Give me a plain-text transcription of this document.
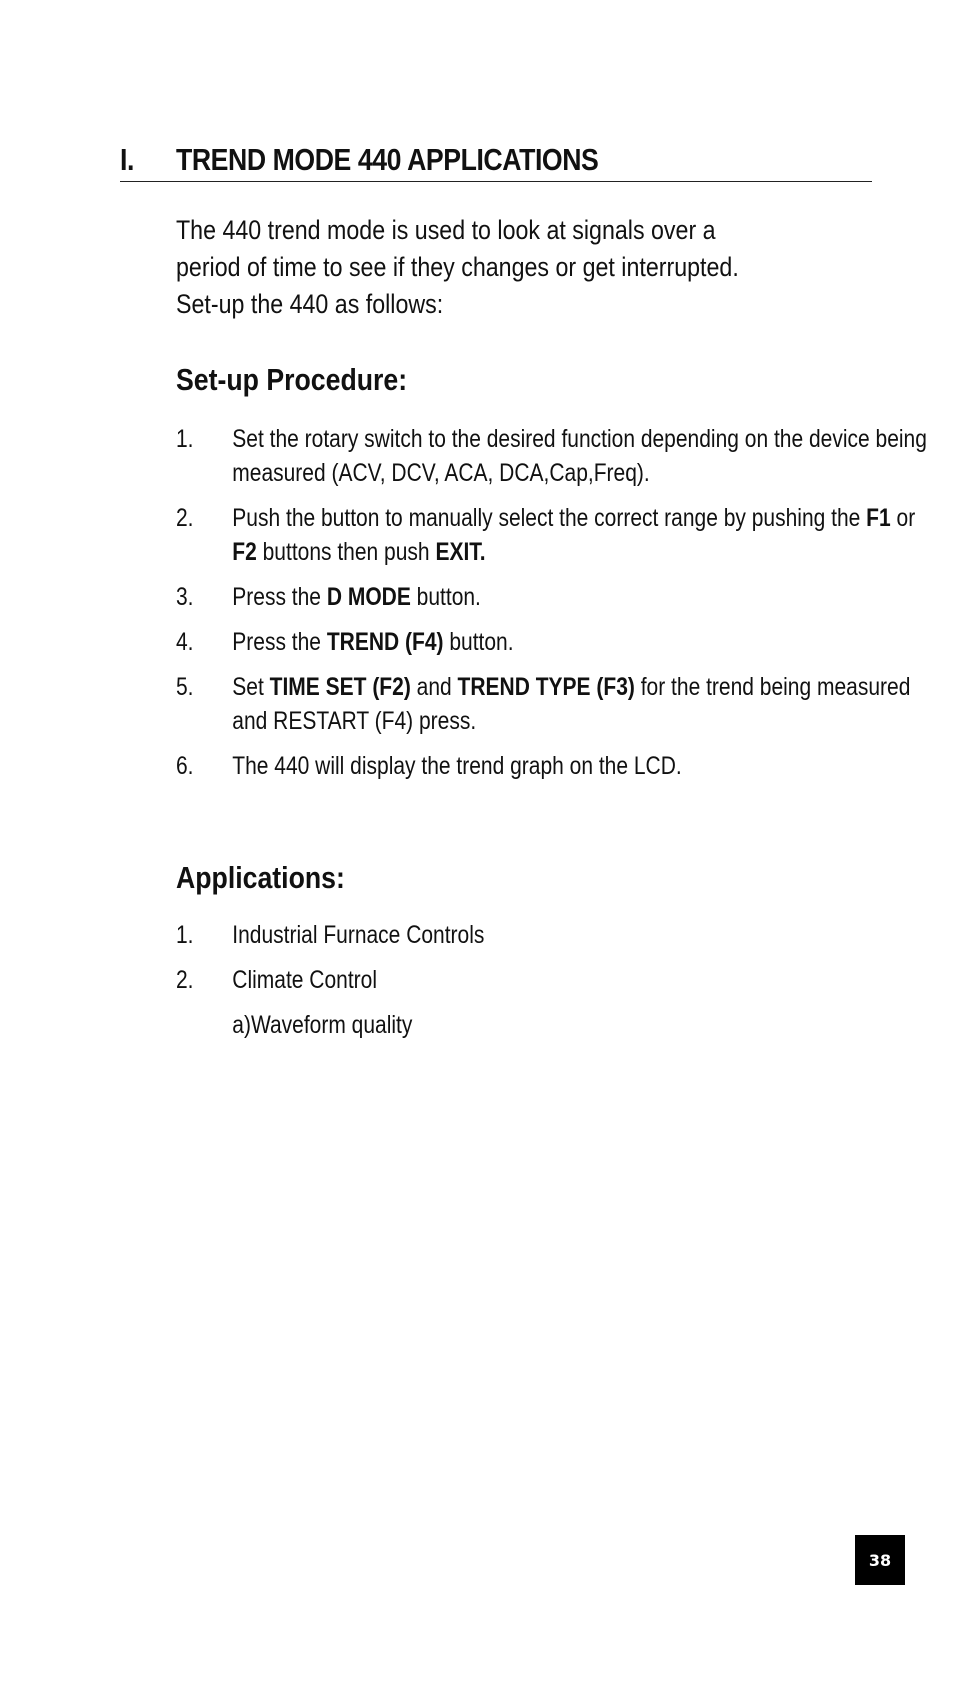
I. TREND MODE 440 APPLICATIONS

The 440 trend mode is used to look at signals over a

period of time to see if they changes or get interrupted.

Set-up the 440 as follows:

Set-up Procedure:
1. Set the rotary switch to the desired function depending on the device being measured (ACV, DCV, ACA, DCA,Cap,Freq).
2. Push the button to manually select the correct range by pushing the F1 or F2 buttons then push EXIT.
3. Press the D MODE button.
4. Press the TREND (F4) button.
5. Set TIME SET (F2) and TREND TYPE (F3) for the trend being measured and RESTART (F4) press.
6. The 440 will display the trend graph on the LCD.
Applications:
1. Industrial Furnace Controls
2. Climate Control
a)Waveform quality
38
